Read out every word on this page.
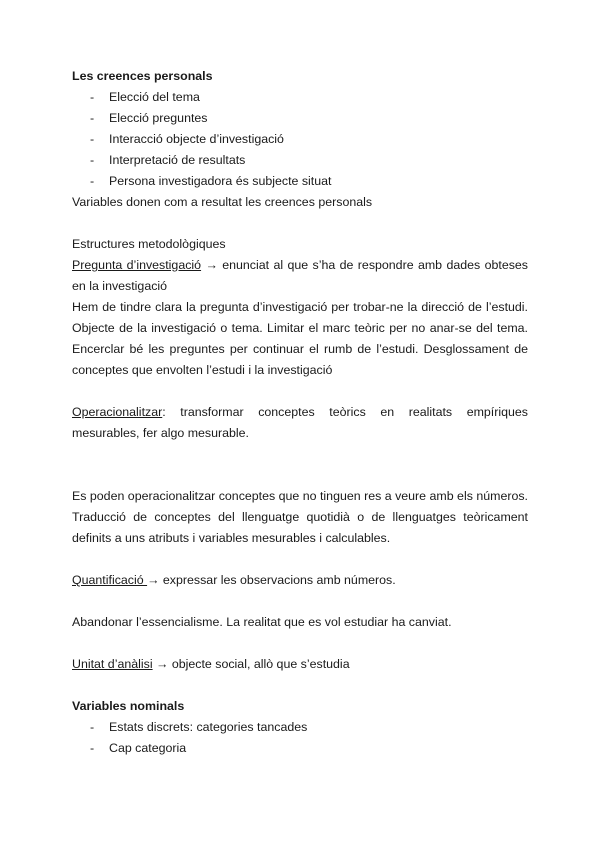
Les creences personals
- Elecció del tema
- Elecció preguntes
- Interacció objecte d’investigació
- Interpretació de resultats
- Persona investigadora és subjecte situat
Variables donen com a resultat les creences personals
Estructures metodològiques

Pregunta d’investigació → enunciat al que s’ha de respondre amb dades obteses en la investigació

Hem de tindre clara la pregunta d’investigació per trobar-ne la direcció de l’estudi. Objecte de la investigació o tema. Limitar el marc teòric per no anar-se del tema. Encerclar bé les preguntes per continuar el rumb de l’estudi. Desglossament de conceptes que envolten l’estudi i la investigació

Operacionalitzar: transformar conceptes teòrics en realitats empíriques mesurables, fer algo mesurable.

Es poden operacionalitzar conceptes que no tinguen res a veure amb els números. Traducció de conceptes del llenguatge quotidià o de llenguatges teòricament definits a uns atributs i variables mesurables i calculables.

Quantificació → expressar les observacions amb números.
Abandonar l’essencialisme. La realitat que es vol estudiar ha canviat.
Unitat d’anàlisi → objecte social, allò que s’estudia
Variables nominals
- Estats discrets: categories tancades
- Cap categoria
